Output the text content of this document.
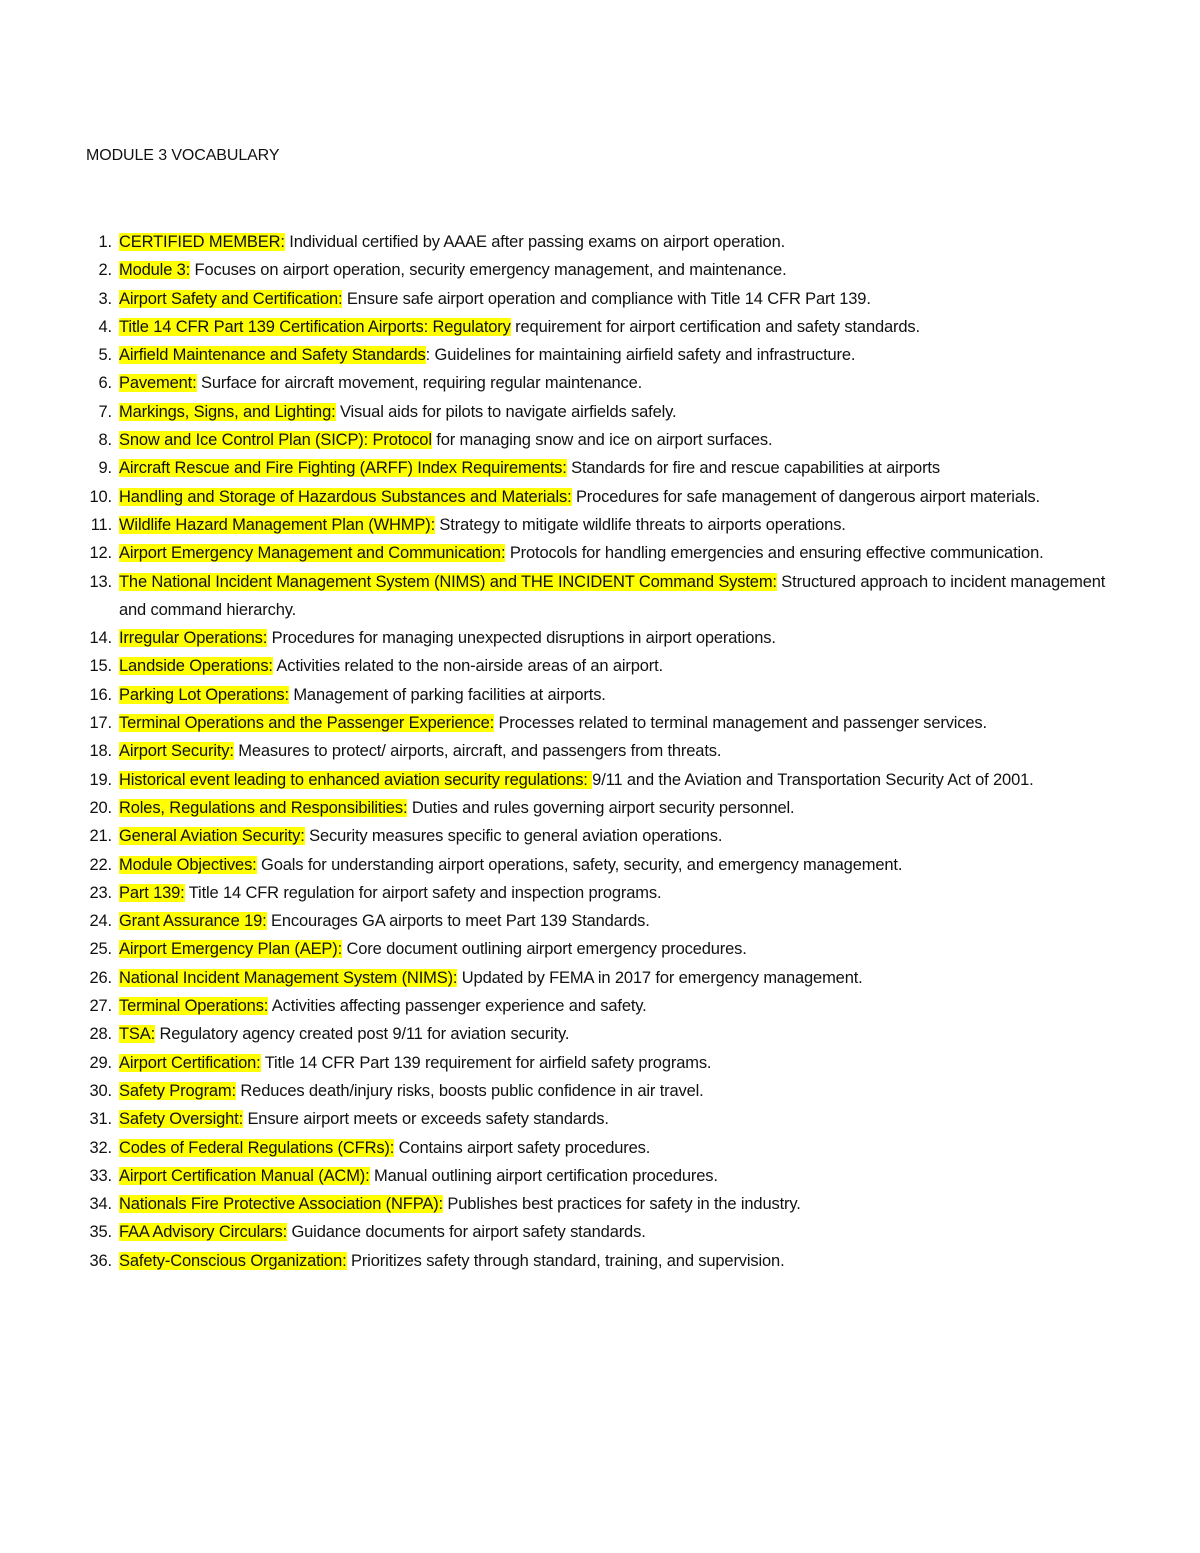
MODULE 3 VOCABULARY
1. CERTIFIED MEMBER: Individual certified by AAAE after passing exams on airport operation.
2. Module 3: Focuses on airport operation, security emergency management, and maintenance.
3. Airport Safety and Certification: Ensure safe airport operation and compliance with Title 14 CFR Part 139.
4. Title 14 CFR Part 139 Certification Airports: Regulatory requirement for airport certification and safety standards.
5. Airfield Maintenance and Safety Standards: Guidelines for maintaining airfield safety and infrastructure.
6. Pavement: Surface for aircraft movement, requiring regular maintenance.
7. Markings, Signs, and Lighting: Visual aids for pilots to navigate airfields safely.
8. Snow and Ice Control Plan (SICP): Protocol for managing snow and ice on airport surfaces.
9. Aircraft Rescue and Fire Fighting (ARFF) Index Requirements: Standards for fire and rescue capabilities at airports
10. Handling and Storage of Hazardous Substances and Materials: Procedures for safe management of dangerous airport materials.
11. Wildlife Hazard Management Plan (WHMP): Strategy to mitigate wildlife threats to airports operations.
12. Airport Emergency Management and Communication: Protocols for handling emergencies and ensuring effective communication.
13. The National Incident Management System (NIMS) and THE INCIDENT Command System: Structured approach to incident management and command hierarchy.
14. Irregular Operations: Procedures for managing unexpected disruptions in airport operations.
15. Landside Operations: Activities related to the non-airside areas of an airport.
16. Parking Lot Operations: Management of parking facilities at airports.
17. Terminal Operations and the Passenger Experience: Processes related to terminal management and passenger services.
18. Airport Security: Measures to protect/ airports, aircraft, and passengers from threats.
19. Historical event leading to enhanced aviation security regulations: 9/11 and the Aviation and Transportation Security Act of 2001.
20. Roles, Regulations and Responsibilities: Duties and rules governing airport security personnel.
21. General Aviation Security: Security measures specific to general aviation operations.
22. Module Objectives: Goals for understanding airport operations, safety, security, and emergency management.
23. Part 139: Title 14 CFR regulation for airport safety and inspection programs.
24. Grant Assurance 19: Encourages GA airports to meet Part 139 Standards.
25. Airport Emergency Plan (AEP): Core document outlining airport emergency procedures.
26. National Incident Management System (NIMS): Updated by FEMA in 2017 for emergency management.
27. Terminal Operations: Activities affecting passenger experience and safety.
28. TSA: Regulatory agency created post 9/11 for aviation security.
29. Airport Certification: Title 14 CFR Part 139 requirement for airfield safety programs.
30. Safety Program: Reduces death/injury risks, boosts public confidence in air travel.
31. Safety Oversight: Ensure airport meets or exceeds safety standards.
32. Codes of Federal Regulations (CFRs): Contains airport safety procedures.
33. Airport Certification Manual (ACM): Manual outlining airport certification procedures.
34. Nationals Fire Protective Association (NFPA): Publishes best practices for safety in the industry.
35. FAA Advisory Circulars: Guidance documents for airport safety standards.
36. Safety-Conscious Organization: Prioritizes safety through standard, training, and supervision.
